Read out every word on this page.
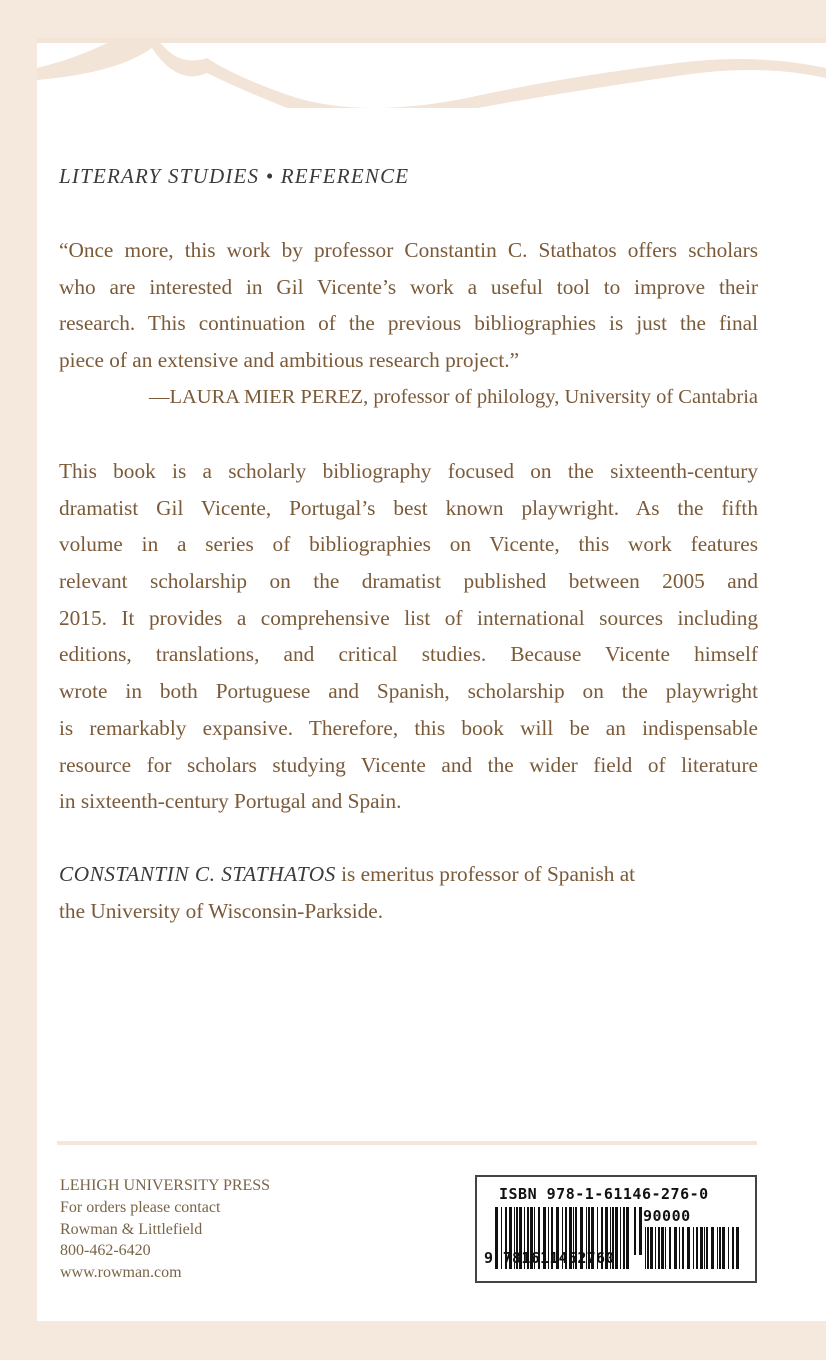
LITERARY STUDIES • REFERENCE
“Once more, this work by professor Constantin C. Stathatos offers scholars
who are interested in Gil Vicente’s work a useful tool to improve their
research. This continuation of the previous bibliographies is just the final
piece of an extensive and ambitious research project.”
—LAURA MIER PEREZ, professor of philology, University of Cantabria
This book is a scholarly bibliography focused on the sixteenth-century
dramatist Gil Vicente, Portugal’s best known playwright. As the fifth
volume in a series of bibliographies on Vicente, this work features
relevant scholarship on the dramatist published between 2005 and
2015. It provides a comprehensive list of international sources including
editions, translations, and critical studies. Because Vicente himself
wrote in both Portuguese and Spanish, scholarship on the playwright
is remarkably expansive. Therefore, this book will be an indispensable
resource for scholars studying Vicente and the wider field of literature
in sixteenth-century Portugal and Spain.
CONSTANTIN C. STATHATOS is emeritus professor of Spanish at
the University of Wisconsin-Parkside.
LEHIGH UNIVERSITY PRESS
For orders please contact
Rowman & Littlefield
800-462-6420
www.rowman.com
ISBN 978-1-61146-276-0
90000
9 781611462760
